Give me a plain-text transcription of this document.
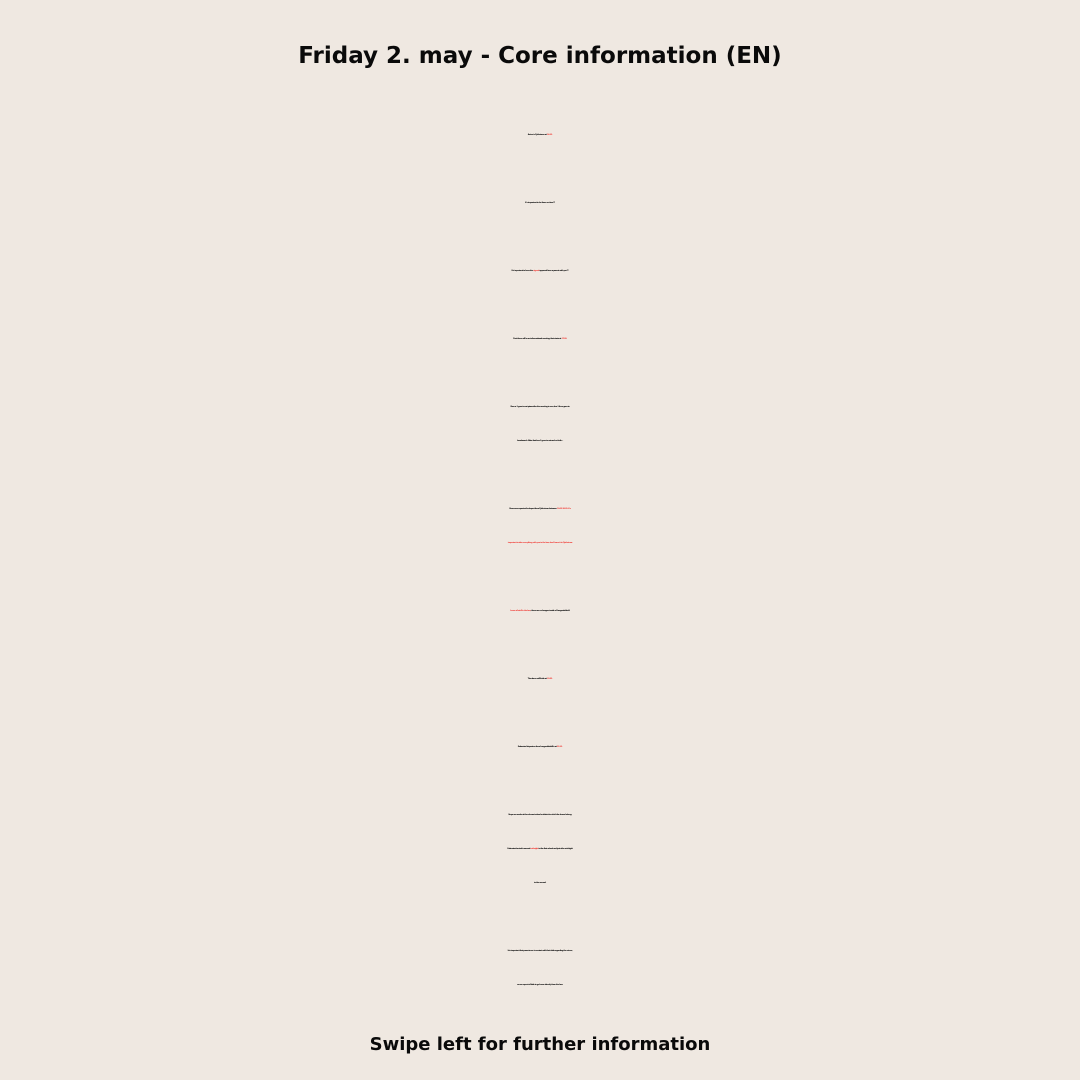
Friday 2. may - Core information (EN)
Arrive in Fjörheimar at 16:30.
It’s important to be there on time!!!
It’s important to have the signed approval from a parent with you!!!
First there will be an informational meeting, that starts at 17:00.
Bus nr. 1 goes to eat pizza after the meeting is over, bus 1 then goes to
handsearch. After that bus 2 goes to eat and so forth...
Buses are expected to depart from Fjörheimar between 18:15-18:30. It‘s
important to take everything with you to the bus, don‘t leave it in Fjörheimar.
Leave all stuff in the bus, there are no hangers inside of Laugardalshöll.
The dance will finish at 22:50.
Estimated departure from Laugardalshöll is at 23:10.
Stops are made at the relevant school or district to which the buses belong.
Estimated arrival is around midnight to the first school and just after midnight
to the second.
It is important that parents are in contact with their kids regarding the return,
as we expect all kids to go home directly from the bus.
Swipe left for further information
